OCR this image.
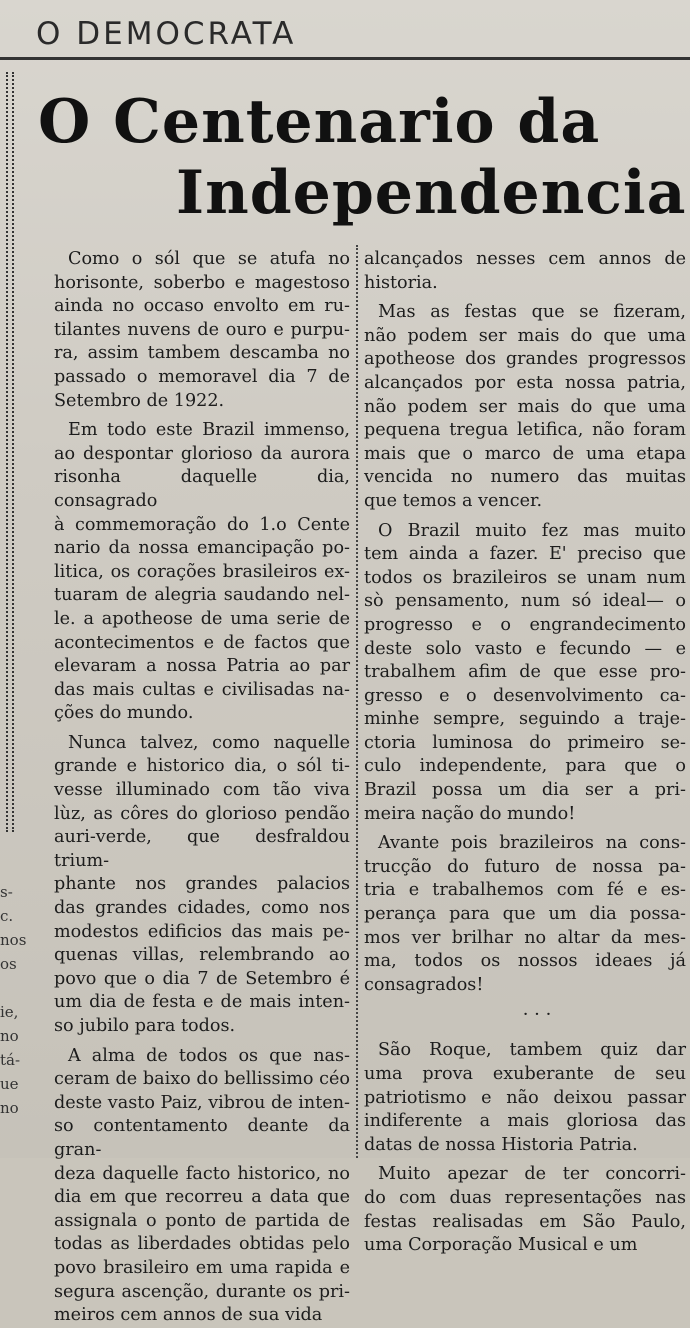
O DEMOCRATA
O Centenario da
Independencia

Como o sól que se atufa no

horisonte, soberbo e magestoso

ainda no occaso envolto em ru-

tilantes nuvens de ouro e purpu-

ra, assim tambem descamba no

passado o memoravel dia 7 de

Setembro de 1922.

Em todo este Brazil immenso,

ao despontar glorioso da aurora

risonha daquelle dia, consagrado

à commemoração do 1.o Cente

nario da nossa emancipação po-

litica, os corações brasileiros ex-

tuaram de alegria saudando nel-

le. a apotheose de uma serie de

acontecimentos e de factos que

elevaram a nossa Patria ao par

das mais cultas e civilisadas na-

ções do mundo.

Nunca talvez, como naquelle

grande e historico dia, o sól ti-

vesse illuminado com tão viva

lùz, as côres do glorioso pendão

auri-verde, que desfraldou trium-

phante nos grandes palacios

das grandes cidades, como nos

modestos edificios das mais pe-

quenas villas, relembrando ao

povo que o dia 7 de Setembro é

um dia de festa e de mais inten-

so jubilo para todos.

A alma de todos os que nas-

ceram de baixo do bellissimo céo

deste vasto Paiz, vibrou de inten-

so contentamento deante da gran-

deza daquelle facto historico, no

dia em que recorreu a data que

assignala o ponto de partida de

todas as liberdades obtidas pelo

povo brasileiro em uma rapida e

segura ascenção, durante os pri-

meiros cem annos de sua vida

alcançados nesses cem annos de

historia.

Mas as festas que se fizeram,

não podem ser mais do que uma

apotheose dos grandes progressos

alcançados por esta nossa patria,

não podem ser mais do que uma

pequena tregua letifica, não foram

mais que o marco de uma etapa

vencida no numero das muitas

que temos a vencer.

O Brazil muito fez mas muito

tem ainda a fazer. E' preciso que

todos os brazileiros se unam num

sò pensamento, num só ideal— o

progresso e o engrandecimento

deste solo vasto e fecundo — e

trabalhem afim de que esse pro-

gresso e o desenvolvimento ca-

minhe sempre, seguindo a traje-

ctoria luminosa do primeiro se-

culo independente, para que o

Brazil possa um dia ser a pri-

meira nação do mundo!

Avante pois brazileiros na cons-

trucção do futuro de nossa pa-

tria e trabalhemos com fé e es-

perança para que um dia possa-

mos ver brilhar no altar da mes-

ma, todos os nossos ideaes já

consagrados!

· · ·

São Roque, tambem quiz dar

uma prova exuberante de seu

patriotismo e não deixou passar

indiferente a mais gloriosa das

datas de nossa Historia Patria.

Muito apezar de ter concorri-

do com duas representações nas

festas realisadas em São Paulo,

uma Corporação Musical e um

s-
c.
nos
os

ie,
no
tá-
ue
no
